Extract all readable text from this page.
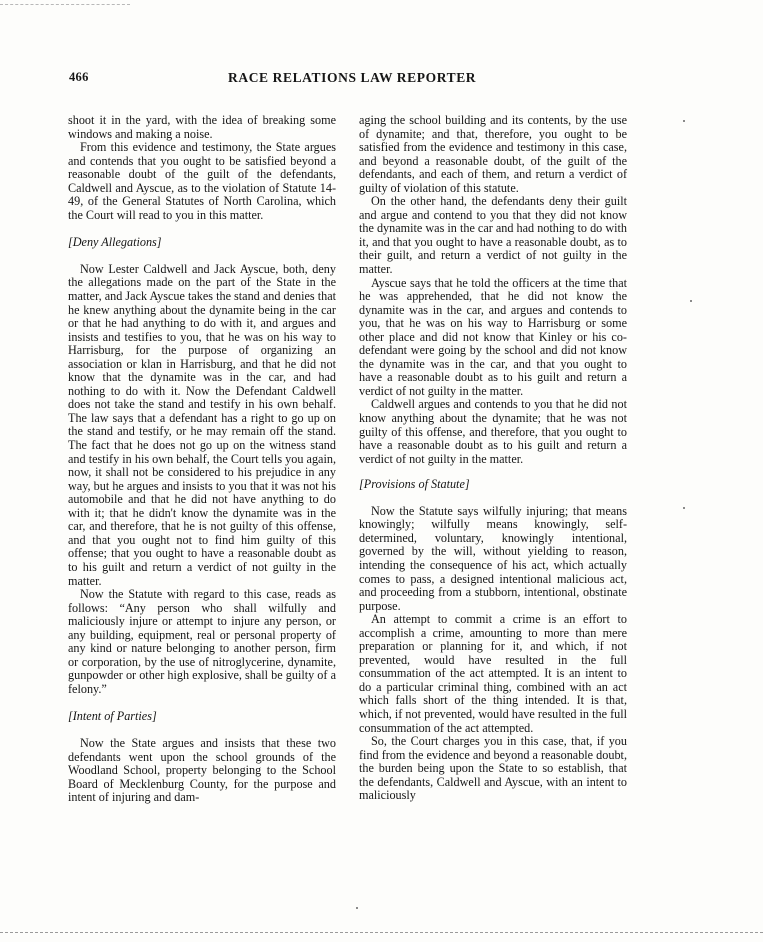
466	RACE RELATIONS LAW REPORTER

shoot it in the yard, with the idea of breaking some windows and making a noise.

From this evidence and testimony, the State argues and contends that you ought to be satisfied beyond a reasonable doubt of the guilt of the defendants, Caldwell and Ayscue, as to the violation of Statute 14-49, of the General Statutes of North Carolina, which the Court will read to you in this matter.

[Deny Allegations]

Now Lester Caldwell and Jack Ayscue, both, deny the allegations made on the part of the State in the matter, and Jack Ayscue takes the stand and denies that he knew anything about the dynamite being in the car or that he had anything to do with it, and argues and insists and testifies to you, that he was on his way to Harrisburg, for the purpose of organizing an association or klan in Harrisburg, and that he did not know that the dynamite was in the car, and had nothing to do with it. Now the Defendant Caldwell does not take the stand and testify in his own behalf. The law says that a defendant has a right to go up on the stand and testify, or he may remain off the stand. The fact that he does not go up on the witness stand and testify in his own behalf, the Court tells you again, now, it shall not be considered to his prejudice in any way, but he argues and insists to you that it was not his automobile and that he did not have anything to do with it; that he didn't know the dynamite was in the car, and therefore, that he is not guilty of this offense, and that you ought not to find him guilty of this offense; that you ought to have a reasonable doubt as to his guilt and return a verdict of not guilty in the matter.

Now the Statute with regard to this case, reads as follows: “Any person who shall wilfully and maliciously injure or attempt to injure any person, or any building, equipment, real or personal property of any kind or nature belonging to another person, firm or corporation, by the use of nitroglycerine, dynamite, gunpowder or other high explosive, shall be guilty of a felony.”

[Intent of Parties]

Now the State argues and insists that these two defendants went upon the school grounds of the Woodland School, property belonging to the School Board of Mecklenburg County, for the purpose and intent of injuring and dam-

aging the school building and its contents, by the use of dynamite; and that, therefore, you ought to be satisfied from the evidence and testimony in this case, and beyond a reasonable doubt, of the guilt of the defendants, and each of them, and return a verdict of guilty of violation of this statute.

On the other hand, the defendants deny their guilt and argue and contend to you that they did not know the dynamite was in the car and had nothing to do with it, and that you ought to have a reasonable doubt, as to their guilt, and return a verdict of not guilty in the matter.

Ayscue says that he told the officers at the time that he was apprehended, that he did not know the dynamite was in the car, and argues and contends to you, that he was on his way to Harrisburg or some other place and did not know that Kinley or his co-defendant were going by the school and did not know the dynamite was in the car, and that you ought to have a reasonable doubt as to his guilt and return a verdict of not guilty in the matter.

Caldwell argues and contends to you that he did not know anything about the dynamite; that he was not guilty of this offense, and therefore, that you ought to have a reasonable doubt as to his guilt and return a verdict of not guilty in the matter.

[Provisions of Statute]

Now the Statute says wilfully injuring; that means knowingly; wilfully means knowingly, self-determined, voluntary, knowingly intentional, governed by the will, without yielding to reason, intending the consequence of his act, which actually comes to pass, a designed intentional malicious act, and proceeding from a stubborn, intentional, obstinate purpose.

An attempt to commit a crime is an effort to accomplish a crime, amounting to more than mere preparation or planning for it, and which, if not prevented, would have resulted in the full consummation of the act attempted. It is an intent to do a particular criminal thing, combined with an act which falls short of the thing intended. It is that, which, if not prevented, would have resulted in the full consummation of the act attempted.

So, the Court charges you in this case, that, if you find from the evidence and beyond a reasonable doubt, the burden being upon the State to so establish, that the defendants, Caldwell and Ayscue, with an intent to maliciously
